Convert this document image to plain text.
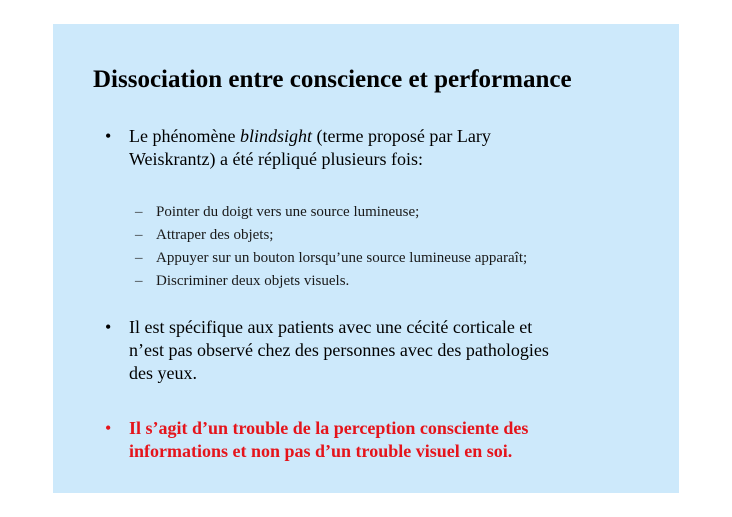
Dissociation entre conscience et performance
• Le phénomène blindsight (terme proposé par Lary
Weiskrantz) a été répliqué plusieurs fois:
– Pointer du doigt vers une source lumineuse;
– Attraper des objets;
– Appuyer sur un bouton lorsqu’une source lumineuse apparaît;
– Discriminer deux objets visuels.
• Il est spécifique aux patients avec une cécité corticale et
n’est pas observé chez des personnes avec des pathologies
des yeux.
• Il s’agit d’un trouble de la perception consciente des
informations et non pas d’un trouble visuel en soi.
